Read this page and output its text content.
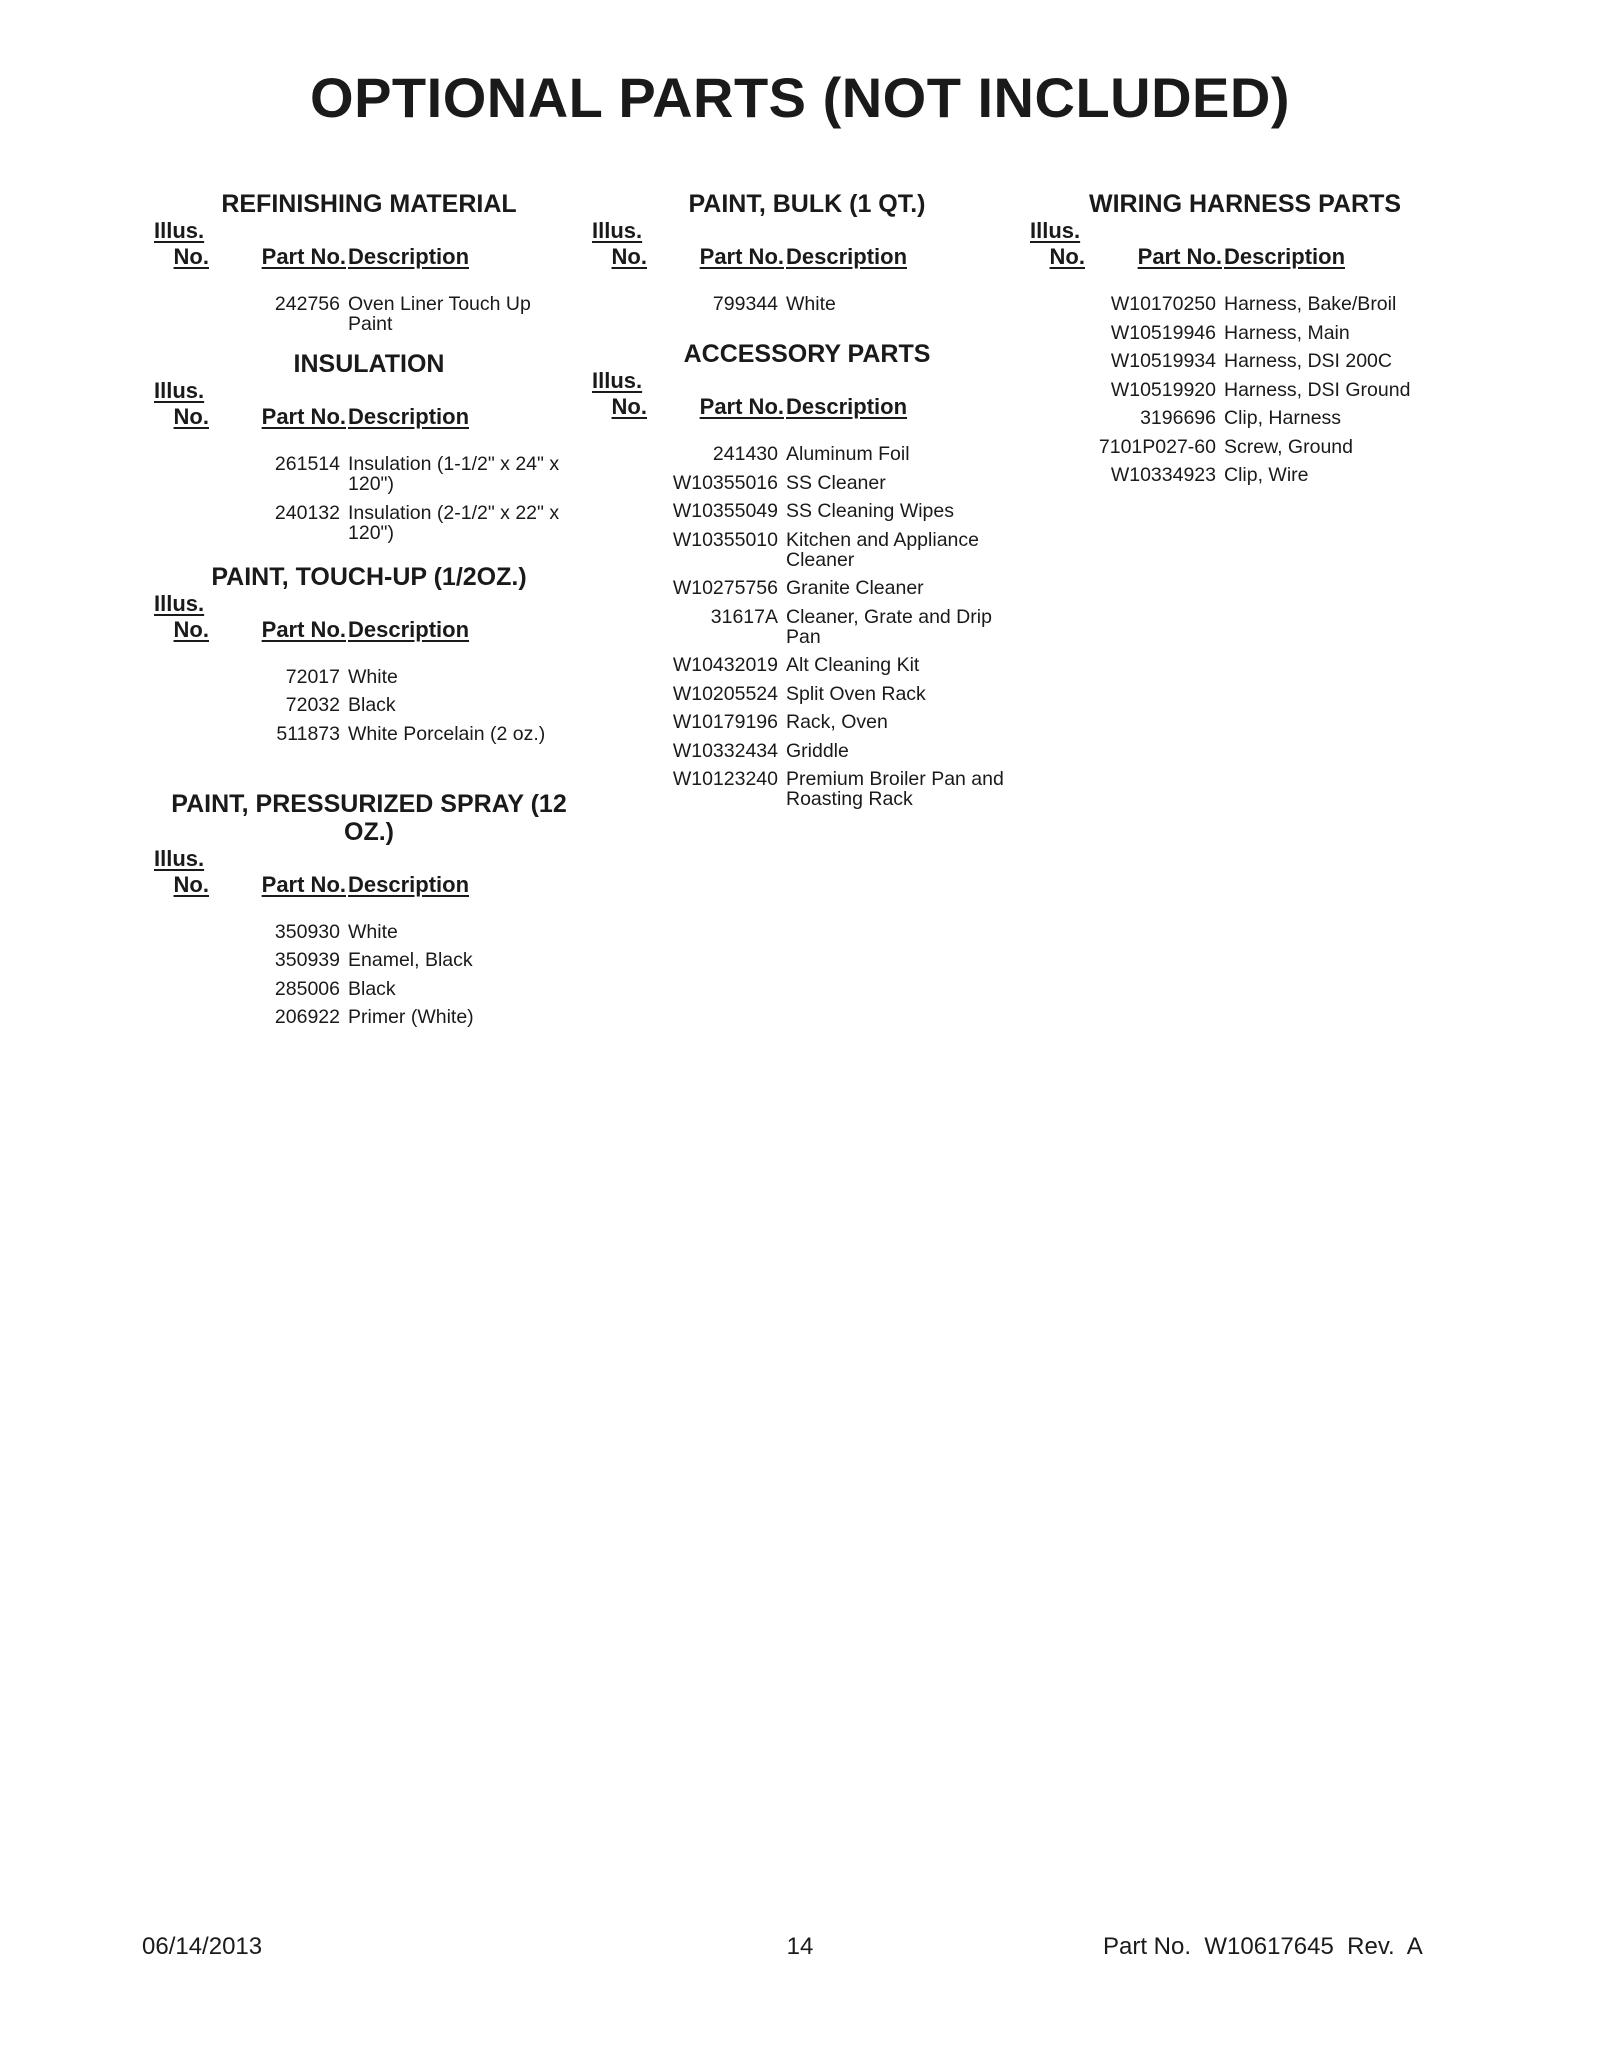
OPTIONAL PARTS (NOT INCLUDED)
REFINISHING MATERIAL
Illus.
No.	Part No. Description
242756 Oven Liner Touch Up Paint
INSULATION
Illus.
No.	Part No. Description
261514 Insulation (1-1/2" x 24" x 120")
240132 Insulation (2-1/2" x 22" x 120")
PAINT, TOUCH-UP (1/2OZ.)
Illus.
No.	Part No. Description
72017 White
72032 Black
511873 White Porcelain (2 oz.)
PAINT, PRESSURIZED SPRAY (12 OZ.)
Illus.
No.	Part No. Description
350930 White
350939 Enamel, Black
285006 Black
206922 Primer (White)
PAINT, BULK (1 QT.)
Illus.
No.	Part No. Description
799344 White
ACCESSORY PARTS
Illus.
No.	Part No. Description
241430 Aluminum Foil
W10355016 SS Cleaner
W10355049 SS Cleaning Wipes
W10355010 Kitchen and Appliance Cleaner
W10275756 Granite Cleaner
31617A Cleaner, Grate and Drip Pan
W10432019 Alt Cleaning Kit
W10205524 Split Oven Rack
W10179196 Rack, Oven
W10332434 Griddle
W10123240 Premium Broiler Pan and Roasting Rack
WIRING HARNESS PARTS
Illus.
No.	Part No. Description
W10170250 Harness, Bake/Broil
W10519946 Harness, Main
W10519934 Harness, DSI 200C
W10519920 Harness, DSI Ground
3196696 Clip, Harness
7101P027-60 Screw, Ground
W10334923 Clip, Wire
06/14/2013	14	Part No.  W10617645  Rev.  A
